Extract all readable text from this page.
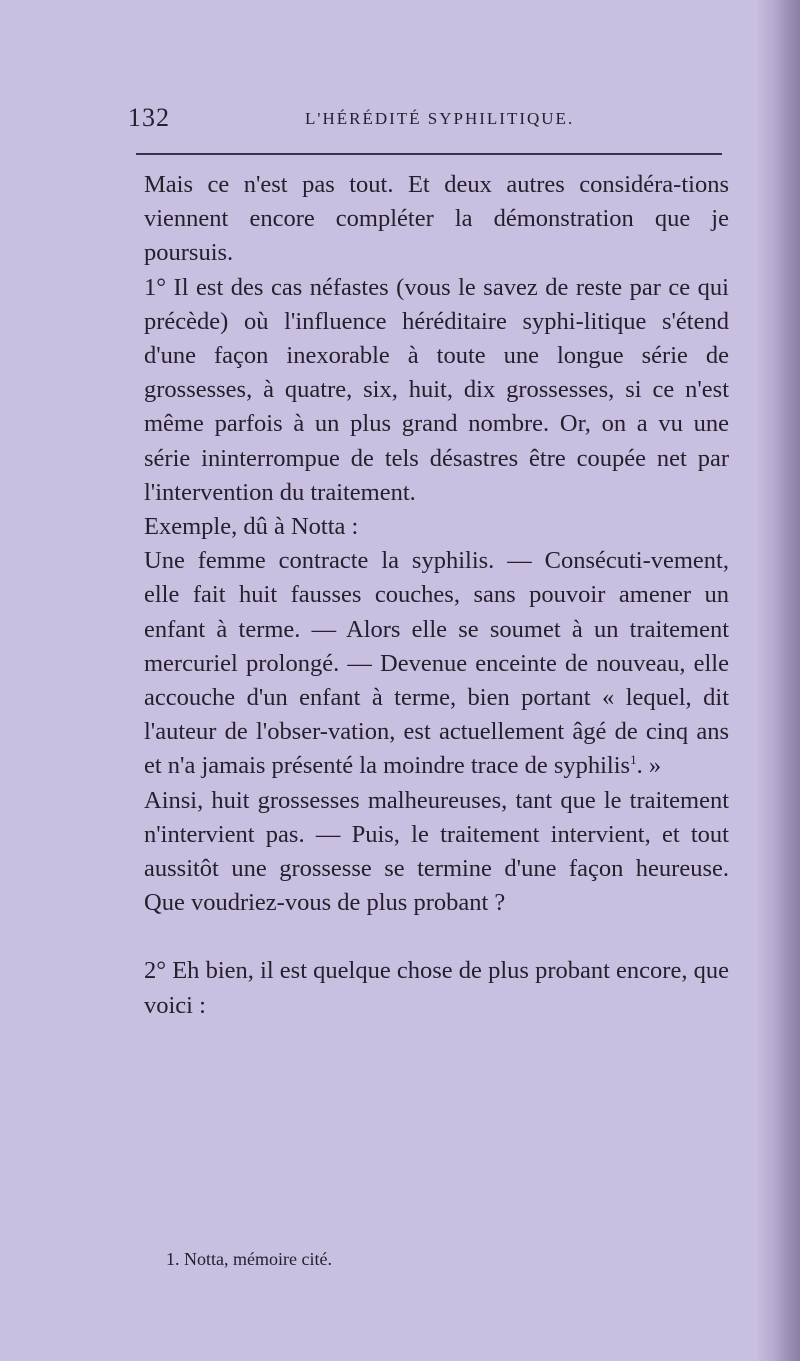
132	L'HÉRÉDITÉ SYPHILITIQUE.

Mais ce n'est pas tout. Et deux autres considéra-tions viennent encore compléter la démonstration que je poursuis.

1° Il est des cas néfastes (vous le savez de reste par ce qui précède) où l'influence héréditaire syphi-litique s'étend d'une façon inexorable à toute une longue série de grossesses, à quatre, six, huit, dix grossesses, si ce n'est même parfois à un plus grand nombre. Or, on a vu une série ininterrompue de tels désastres être coupée net par l'intervention du traitement.

Exemple, dû à Notta :

Une femme contracte la syphilis. — Consécuti-vement, elle fait huit fausses couches, sans pouvoir amener un enfant à terme. — Alors elle se soumet à un traitement mercuriel prolongé. — Devenue enceinte de nouveau, elle accouche d'un enfant à terme, bien portant « lequel, dit l'auteur de l'obser-vation, est actuellement âgé de cinq ans et n'a jamais présenté la moindre trace de syphilis$^1$. »

Ainsi, huit grossesses malheureuses, tant que le traitement n'intervient pas. — Puis, le traitement intervient, et tout aussitôt une grossesse se termine d'une façon heureuse. Que voudriez-vous de plus probant ?

2° Eh bien, il est quelque chose de plus probant encore, que voici :

1. Notta, mémoire cité.
